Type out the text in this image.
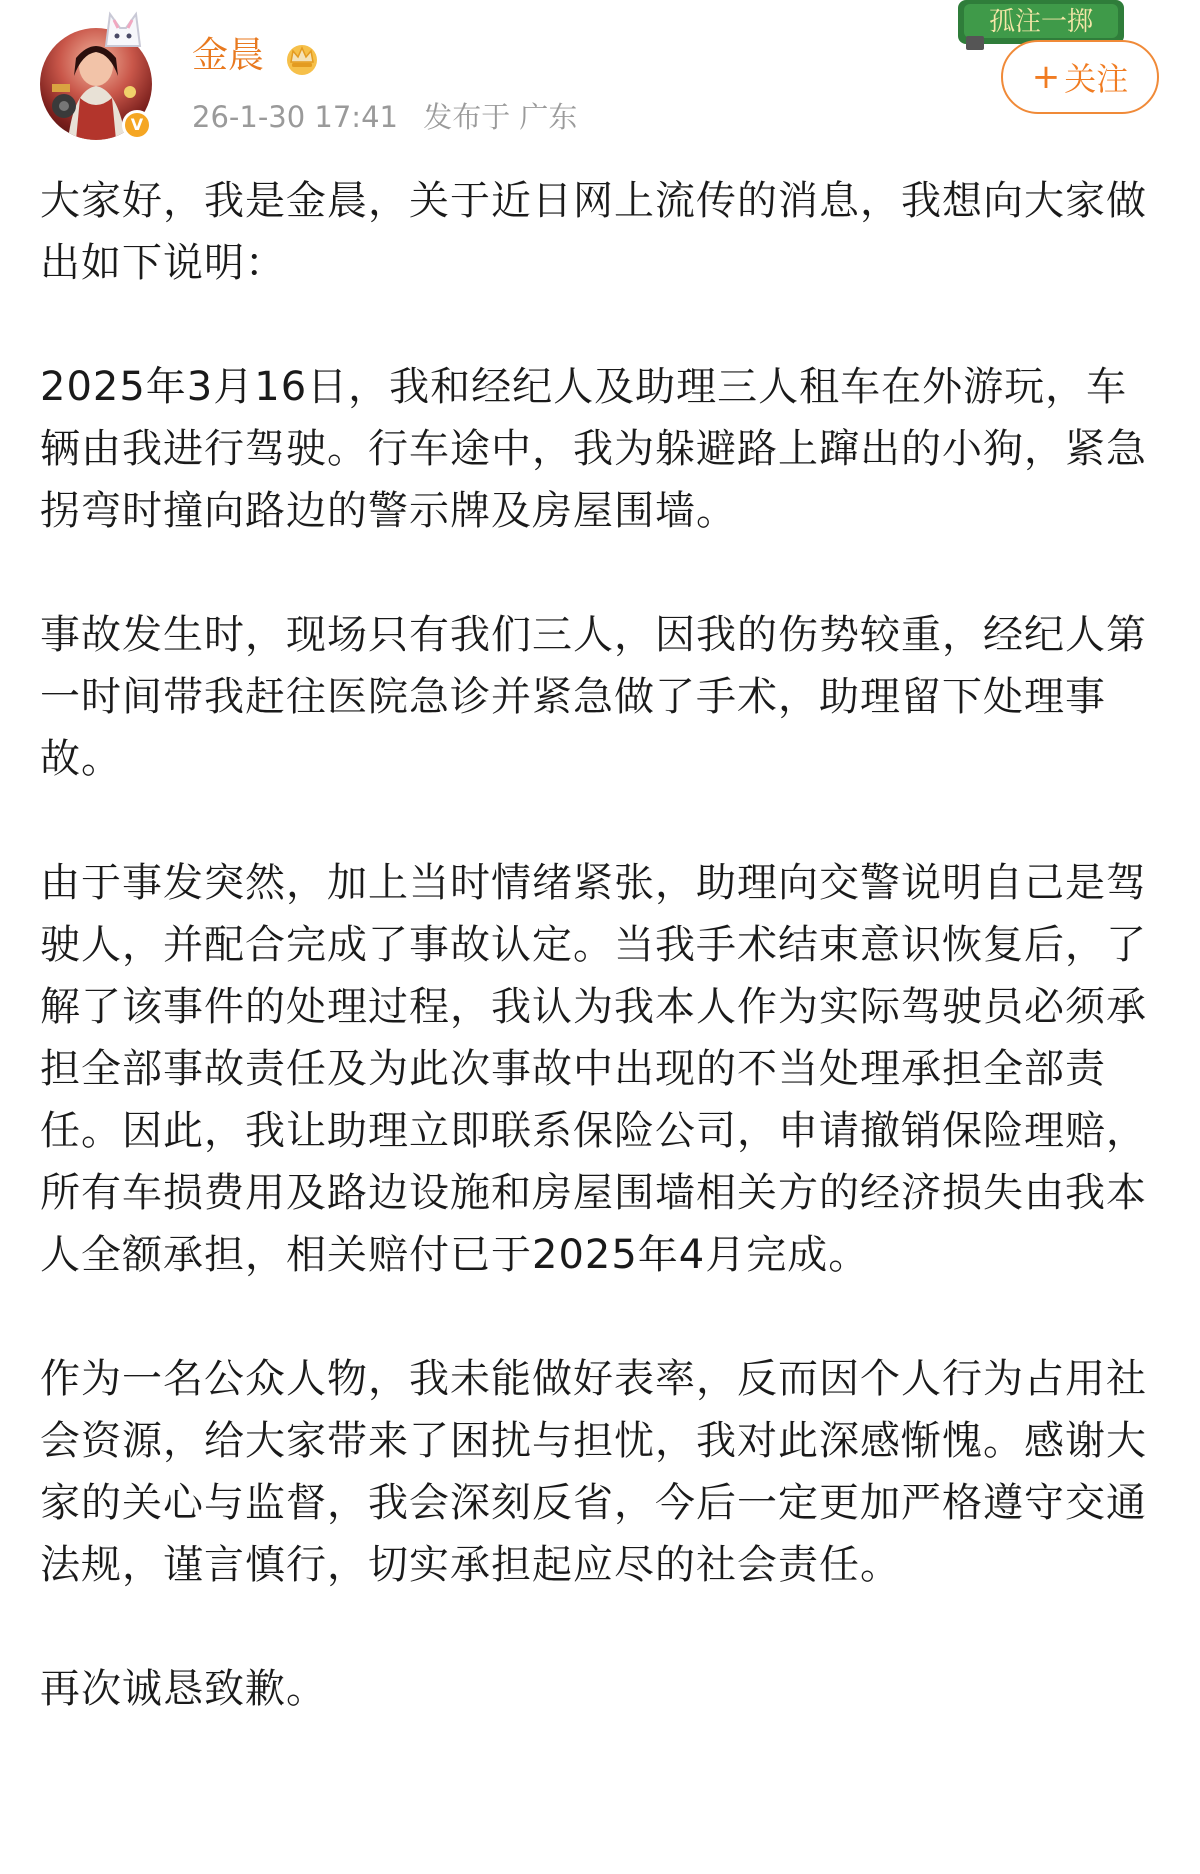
V
金晨
26-1-30 17:41 发布于 广东
孤注一掷
+ 关注

大家好，我是金晨，关于近日网上流传的消息，我想向大家做出如下说明：

2025年3月16日，我和经纪人及助理三人租车在外游玩，车辆由我进行驾驶。行车途中，我为躲避路上蹿出的小狗，紧急拐弯时撞向路边的警示牌及房屋围墙。

事故发生时，现场只有我们三人，因我的伤势较重，经纪人第一时间带我赶往医院急诊并紧急做了手术，助理留下处理事故。

由于事发突然，加上当时情绪紧张，助理向交警说明自己是驾驶人，并配合完成了事故认定。当我手术结束意识恢复后，了解了该事件的处理过程，我认为我本人作为实际驾驶员必须承担全部事故责任及为此次事故中出现的不当处理承担全部责任。因此，我让助理立即联系保险公司，申请撤销保险理赔，所有车损费用及路边设施和房屋围墙相关方的经济损失由我本人全额承担，相关赔付已于2025年4月完成。

作为一名公众人物，我未能做好表率，反而因个人行为占用社会资源，给大家带来了困扰与担忧，我对此深感惭愧。感谢大家的关心与监督，我会深刻反省，今后一定更加严格遵守交通法规，谨言慎行，切实承担起应尽的社会责任。

再次诚恳致歉。
